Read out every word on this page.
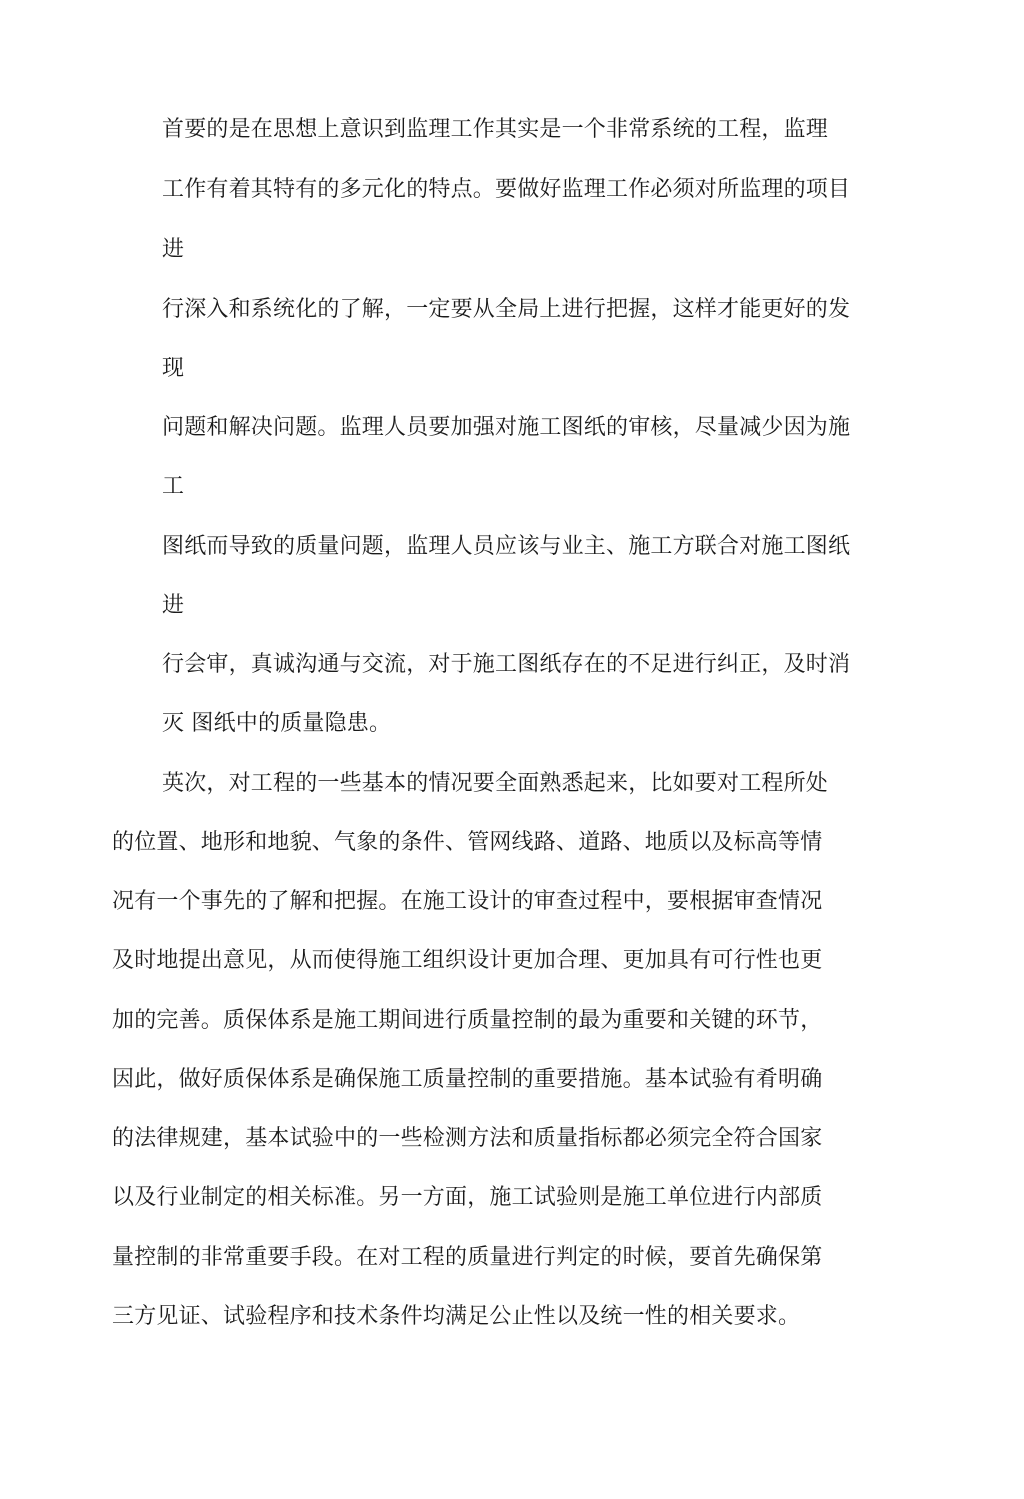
首要的是在思想上意识到监理工作其实是一个非常系统的工程，监理

工作有着其特有的多元化的特点。要做好监理工作必须对所监理的项目

进

行深入和系统化的了解，一定要从全局上进行把握，这样才能更好的发

现

问题和解决问题。监理人员要加强对施工图纸的审核，尽量减少因为施

工

图纸而导致的质量问题，监理人员应该与业主、施工方联合对施工图纸

进

行会审，真诚沟通与交流，对于施工图纸存在的不足进行纠正，及时消

灭 图纸中的质量隐患。

英次，对工程的一些基本的情况要全面熟悉起来，比如要对工程所处

的位置、地形和地貌、气象的条件、管网线路、道路、地质以及标高等情

况有一个事先的了解和把握。在施工设计的审查过程中，要根据审查情况

及时地提出意见，从而使得施工组织设计更加合理、更加具有可行性也更

加的完善。质保体系是施工期间进行质量控制的最为重要和关键的环节，

因此，做好质保体系是确保施工质量控制的重要措施。基本试验有肴明确

的法律规建，基本试验中的一些检测方法和质量指标都必须完全符合国家

以及行业制定的相关标准。另一方面，施工试验则是施工单位进行内部质

量控制的非常重要手段。在对工程的质量进行判定的时候，要首先确保第

三方见证、试验程序和技术条件均满足公止性以及统一性的相关要求。
